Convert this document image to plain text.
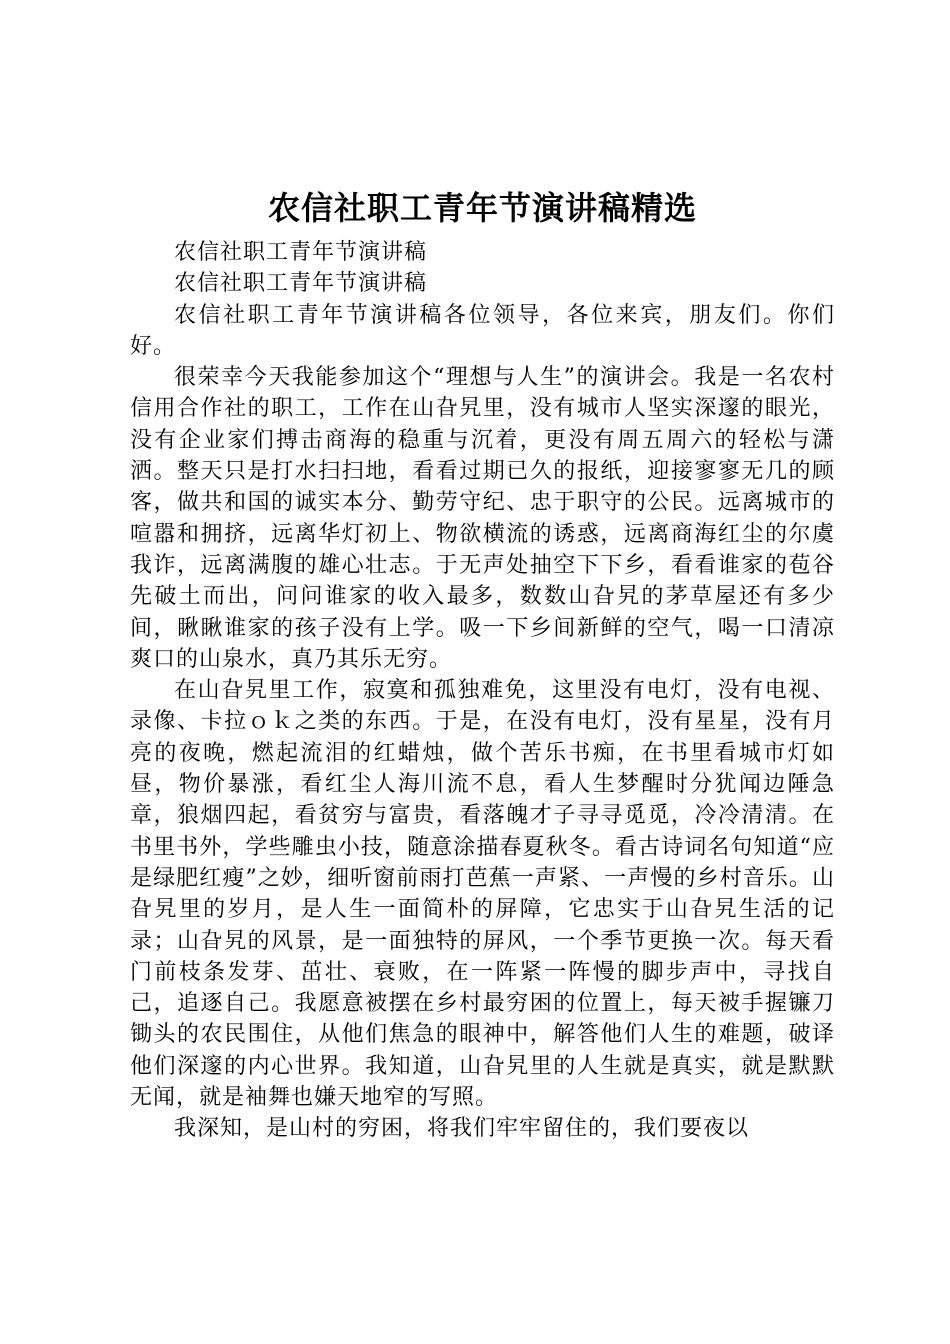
农信社职工青年节演讲稿精选

农信社职工青年节演讲稿

农信社职工青年节演讲稿

农信社职工青年节演讲稿各位领导，各位来宾，朋友们。你们好。

很荣幸今天我能参加这个“理想与人生”的演讲会。我是一名农村信用合作社的职工，工作在山旮旯里，没有城市人坚实深邃的眼光，没有企业家们搏击商海的稳重与沉着，更没有周五周六的轻松与潇洒。整天只是打水扫扫地，看看过期已久的报纸，迎接寥寥无几的顾客，做共和国的诚实本分、勤劳守纪、忠于职守的公民。远离城市的喧嚣和拥挤，远离华灯初上、物欲横流的诱惑，远离商海红尘的尔虞我诈，远离满腹的雄心壮志。于无声处抽空下下乡，看看谁家的苞谷先破土而出，问问谁家的收入最多，数数山旮旯的茅草屋还有多少间，瞅瞅谁家的孩子没有上学。吸一下乡间新鲜的空气，喝一口清凉爽口的山泉水，真乃其乐无穷。

在山旮旯里工作，寂寞和孤独难免，这里没有电灯，没有电视、录像、卡拉ｏｋ之类的东西。于是，在没有电灯，没有星星，没有月亮的夜晚，燃起流泪的红蜡烛，做个苦乐书痴，在书里看城市灯如昼，物价暴涨，看红尘人海川流不息，看人生梦醒时分犹闻边陲急章，狼烟四起，看贫穷与富贵，看落魄才子寻寻觅觅，冷冷清清。在书里书外，学些雕虫小技，随意涂描春夏秋冬。看古诗词名句知道“应是绿肥红瘦”之妙，细听窗前雨打芭蕉一声紧、一声慢的乡村音乐。山旮旯里的岁月，是人生一面简朴的屏障，它忠实于山旮旯生活的记录；山旮旯的风景，是一面独特的屏风，一个季节更换一次。每天看门前枝条发芽、茁壮、衰败，在一阵紧一阵慢的脚步声中，寻找自己，追逐自己。我愿意被摆在乡村最穷困的位置上，每天被手握镰刀锄头的农民围住，从他们焦急的眼神中，解答他们人生的难题，破译他们深邃的内心世界。我知道，山旮旯里的人生就是真实，就是默默无闻，就是袖舞也嫌天地窄的写照。

我深知，是山村的穷困，将我们牢牢留住的，我们要夜以
